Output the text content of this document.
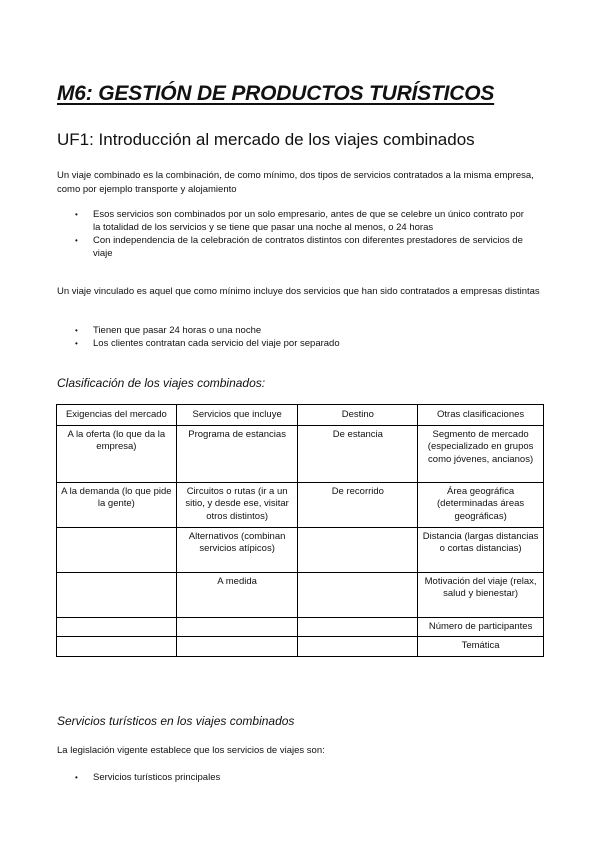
M6: GESTIÓN DE PRODUCTOS TURÍSTICOS
UF1: Introducción al mercado de los viajes combinados

Un viaje combinado es la combinación, de como mínimo, dos tipos de servicios contratados a la misma empresa, como por ejemplo transporte y alojamiento

• Esos servicios son combinados por un solo empresario, antes de que se celebre un único contrato por la totalidad de los servicios y se tiene que pasar una noche al menos, o 24 horas
• Con independencia de la celebración de contratos distintos con diferentes prestadores de servicios de viaje

Un viaje vinculado es aquel que como mínimo incluye dos servicios que han sido contratados a empresas distintas

• Tienen que pasar 24 horas o una noche
• Los clientes contratan cada servicio del viaje por separado
Clasificación de los viajes combinados:
Exigencias del mercado	Servicios que incluye	Destino	Otras clasificaciones
A la oferta (lo que da la empresa)	Programa de estancias	De estancia	Segmento de mercado (especializado en grupos como jóvenes, ancianos)
A la demanda (lo que pide la gente)	Circuitos o rutas (ir a un sitio, y desde ese, visitar otros distintos)	De recorrido	Área geográfica (determinadas áreas geográficas)
	Alternativos (combinan servicios atípicos)		Distancia (largas distancias o cortas distancias)
	A medida		Motivación del viaje (relax, salud y bienestar)
			Número de participantes
			Temática
Servicios turísticos en los viajes combinados

La legislación vigente establece que los servicios de viajes son:

• Servicios turísticos principales
